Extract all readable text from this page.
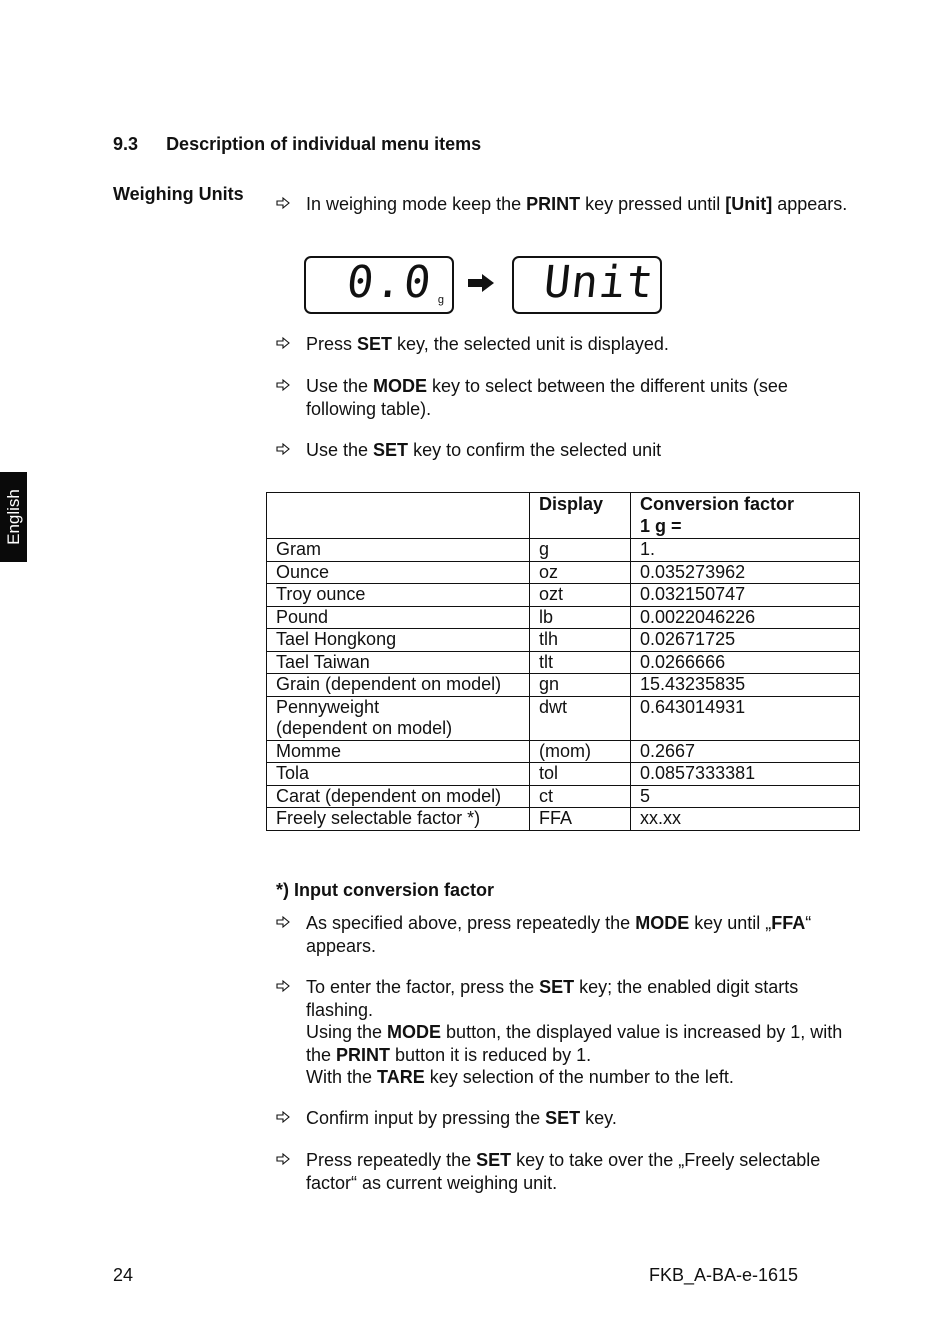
9.3 Description of individual menu items
English
Weighing Units	In weighing mode keep the PRINT key pressed until [Unit] appears.
0.0 g Unit
Press SET key, the selected unit is displayed.
Use the MODE key to select between the different units (see following table).
Use the SET key to confirm the selected unit
	Display	Conversion factor
1 g =

Gram	g	1.
Ounce	oz	0.035273962
Troy ounce	ozt	0.032150747
Pound	lb	0.0022046226
Tael Hongkong	tlh	0.02671725
Tael Taiwan	tlt	0.0266666
Grain (dependent on model)	gn	15.43235835

Pennyweight
(dependent on model)	dwt	0.643014931
Momme	(mom)	0.2667
Tola	tol	0.0857333381
Carat (dependent on model)	ct	5
Freely selectable factor *)	FFA	xx.xx
*) Input conversion factor
As specified above, press repeatedly the MODE key until „FFA“ appears.
To enter the factor, press the SET key; the enabled digit starts flashing.
Using the MODE button, the displayed value is increased by 1, with the PRINT button it is reduced by 1.
With the TARE key selection of the number to the left.
Confirm input by pressing the SET key.
Press repeatedly the SET key to take over the „Freely selectable factor“ as current weighing unit.
24	FKB_A-BA-e-1615
